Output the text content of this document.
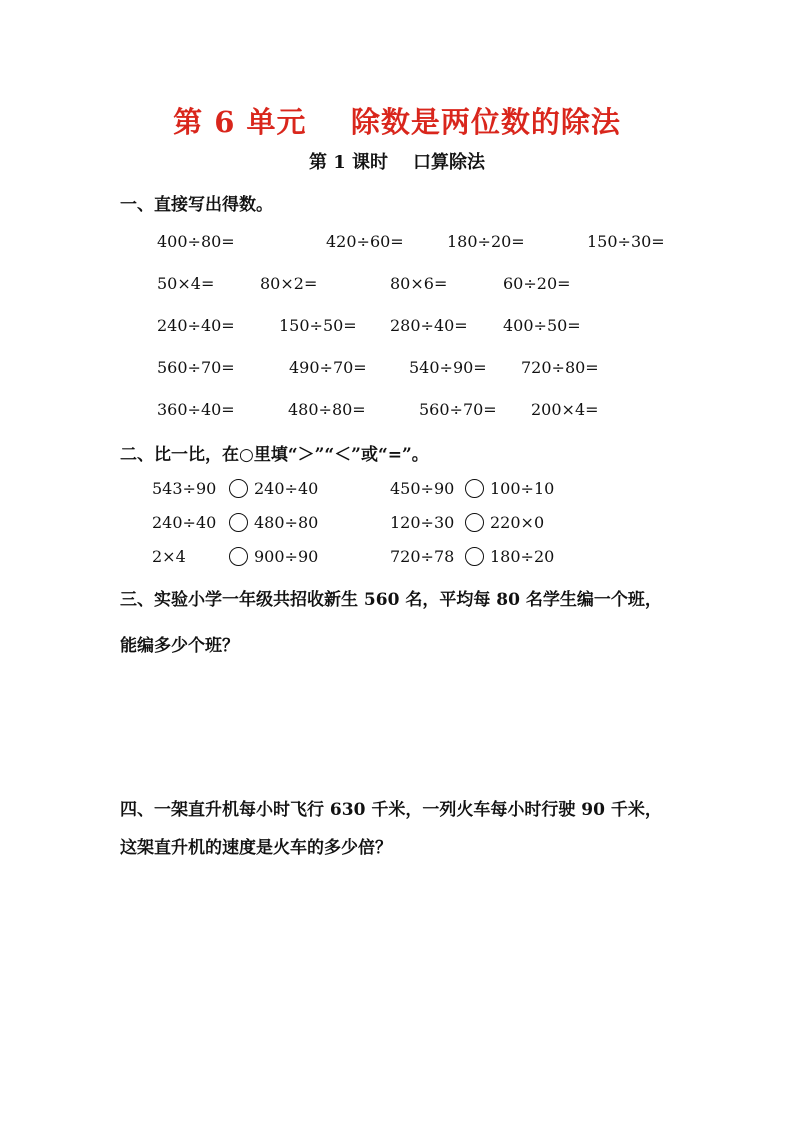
第 6 单元    除数是两位数的除法
第 1 课时    口算除法
一、直接写出得数。
400÷80=	420÷60=	180÷20=	150÷30=
50×4=	80×2=	80×6=	60÷20=
240÷40=	150÷50= 280÷40= 400÷50=
560÷70=	490÷70=	540÷90= 720÷80=
360÷40=	480÷80=	560÷70= 200×4=
二、比一比，在○里填“＞”“＜”或“=”。
543÷90 240÷40	450÷90 100÷10
240÷40 480÷80	120÷30 220×0
2×4	900÷90	720÷78 180÷20
三、实验小学一年级共招收新生 560 名，平均每 80 名学生编一个班，
能编多少个班？
四、一架直升机每小时飞行 630 千米，一列火车每小时行驶 90 千米，
这架直升机的速度是火车的多少倍？
